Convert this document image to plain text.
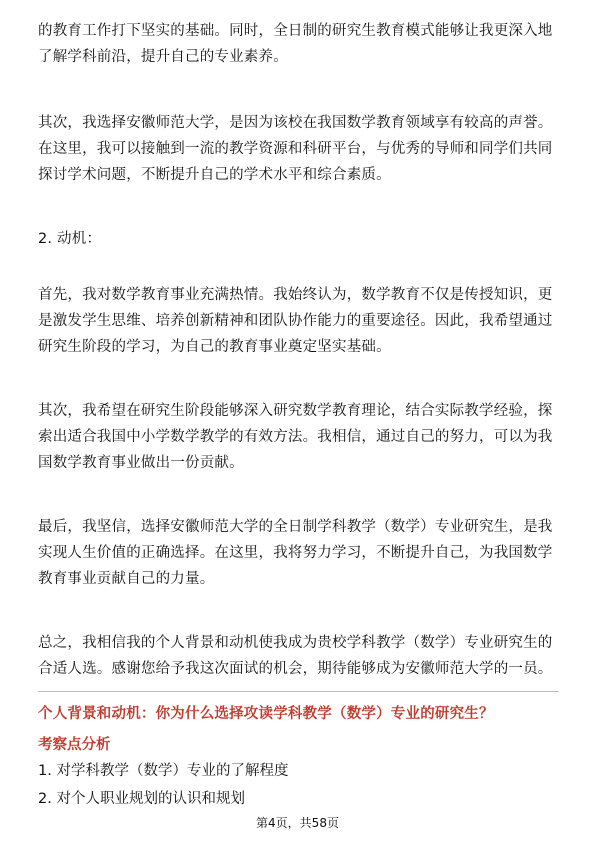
的教育工作打下坚实的基础。同时，全日制的研究生教育模式能够让我更深入地了解学科前沿，提升自己的专业素养。

其次，我选择安徽师范大学，是因为该校在我国数学教育领域享有较高的声誉。在这里，我可以接触到一流的教学资源和科研平台，与优秀的导师和同学们共同探讨学术问题，不断提升自己的学术水平和综合素质。

2. 动机：

首先，我对数学教育事业充满热情。我始终认为，数学教育不仅是传授知识，更是激发学生思维、培养创新精神和团队协作能力的重要途径。因此，我希望通过研究生阶段的学习，为自己的教育事业奠定坚实基础。

其次，我希望在研究生阶段能够深入研究数学教育理论，结合实际教学经验，探索出适合我国中小学数学教学的有效方法。我相信，通过自己的努力，可以为我国数学教育事业做出一份贡献。

最后，我坚信，选择安徽师范大学的全日制学科教学（数学）专业研究生，是我实现人生价值的正确选择。在这里，我将努力学习，不断提升自己，为我国数学教育事业贡献自己的力量。

总之，我相信我的个人背景和动机使我成为贵校学科教学（数学）专业研究生的合适人选。感谢您给予我这次面试的机会，期待能够成为安徽师范大学的一员。

个人背景和动机：你为什么选择攻读学科教学（数学）专业的研究生？
考察点分析
1. 对学科教学（数学）专业的了解程度
2. 对个人职业规划的认识和规划
第4页，共58页
